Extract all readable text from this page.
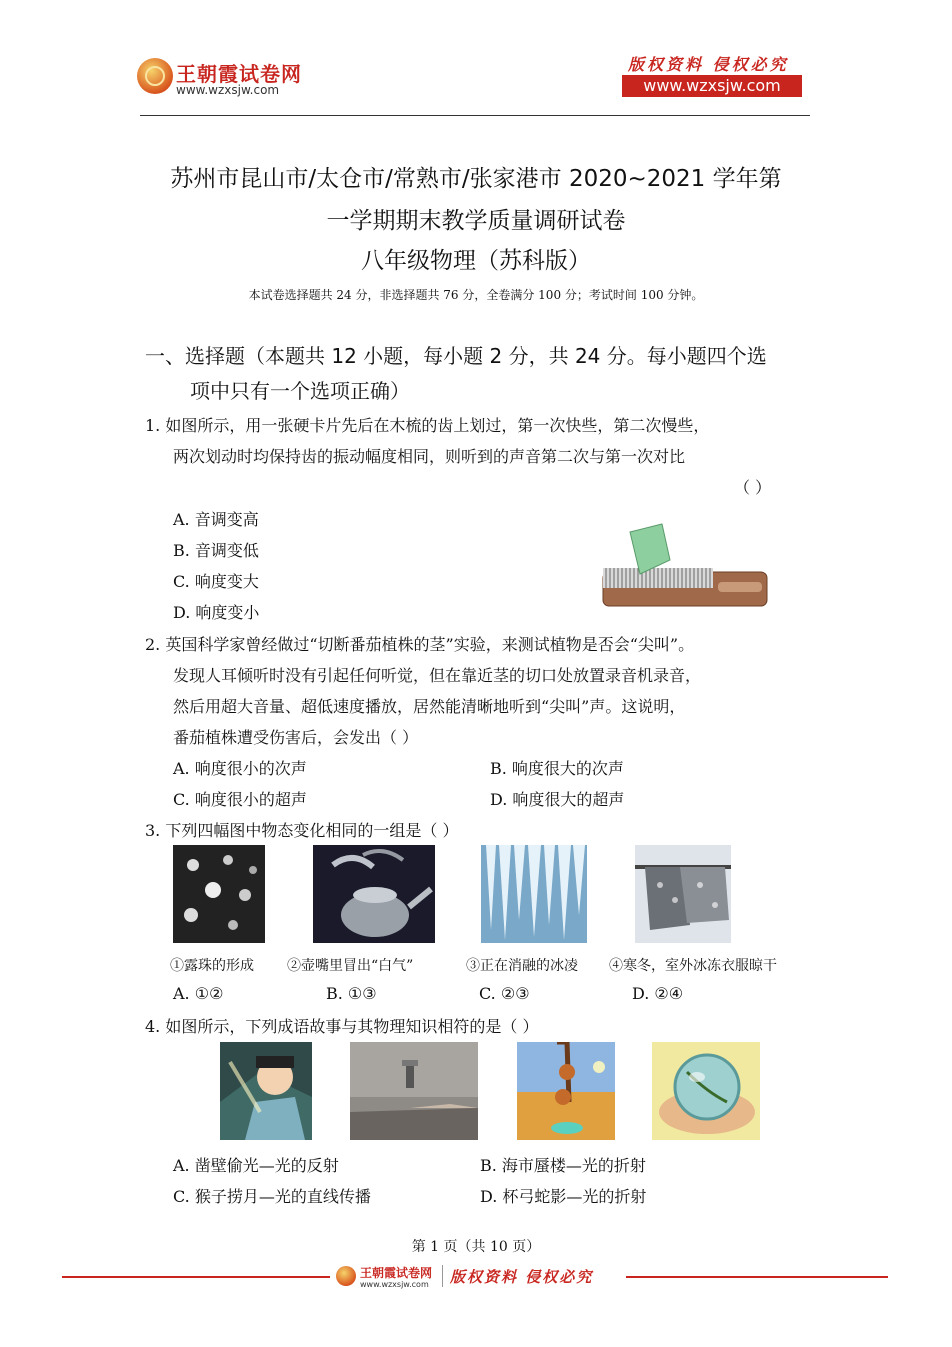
王朝霞试卷网
www.wzxsjw.com
版权资料 侵权必究
www.wzxsjw.com
苏州市昆山市/太仓市/常熟市/张家港市 2020~2021 学年第
一学期期末教学质量调研试卷
八年级物理（苏科版）
本试卷选择题共 24 分，非选择题共 76 分，全卷满分 100 分；考试时间 100 分钟。
一、选择题（本题共 12 小题，每小题 2 分，共 24 分。每小题四个选
项中只有一个选项正确）
1. 如图所示，用一张硬卡片先后在木梳的齿上划过，第一次快些，第二次慢些，
两次划动时均保持齿的振动幅度相同，则听到的声音第二次与第一次对比
（ ）
A. 音调变高
B. 音调变低
C. 响度变大
D. 响度变小
2. 英国科学家曾经做过“切断番茄植株的茎”实验，来测试植物是否会“尖叫”。
发现人耳倾听时没有引起任何听觉，但在靠近茎的切口处放置录音机录音，
然后用超大音量、超低速度播放，居然能清晰地听到“尖叫”声。这说明，
番茄植株遭受伤害后，会发出（ ）
A. 响度很小的次声	B. 响度很大的次声
C. 响度很小的超声	D. 响度很大的超声
3. 下列四幅图中物态变化相同的一组是（ ）
①露珠的形成 ②壶嘴里冒出“白气”	③正在消融的冰凌 ④寒冬，室外冰冻衣服晾干
A. ①②	B. ①③	C. ②③	D. ②④
4. 如图所示，下列成语故事与其物理知识相符的是（ ）
A. 凿壁偷光—光的反射	B. 海市蜃楼—光的折射
C. 猴子捞月—光的直线传播	D. 杯弓蛇影—光的折射
第 1 页（共 10 页）
王朝霞试卷网
www.wzxsjw.com 版权资料 侵权必究
